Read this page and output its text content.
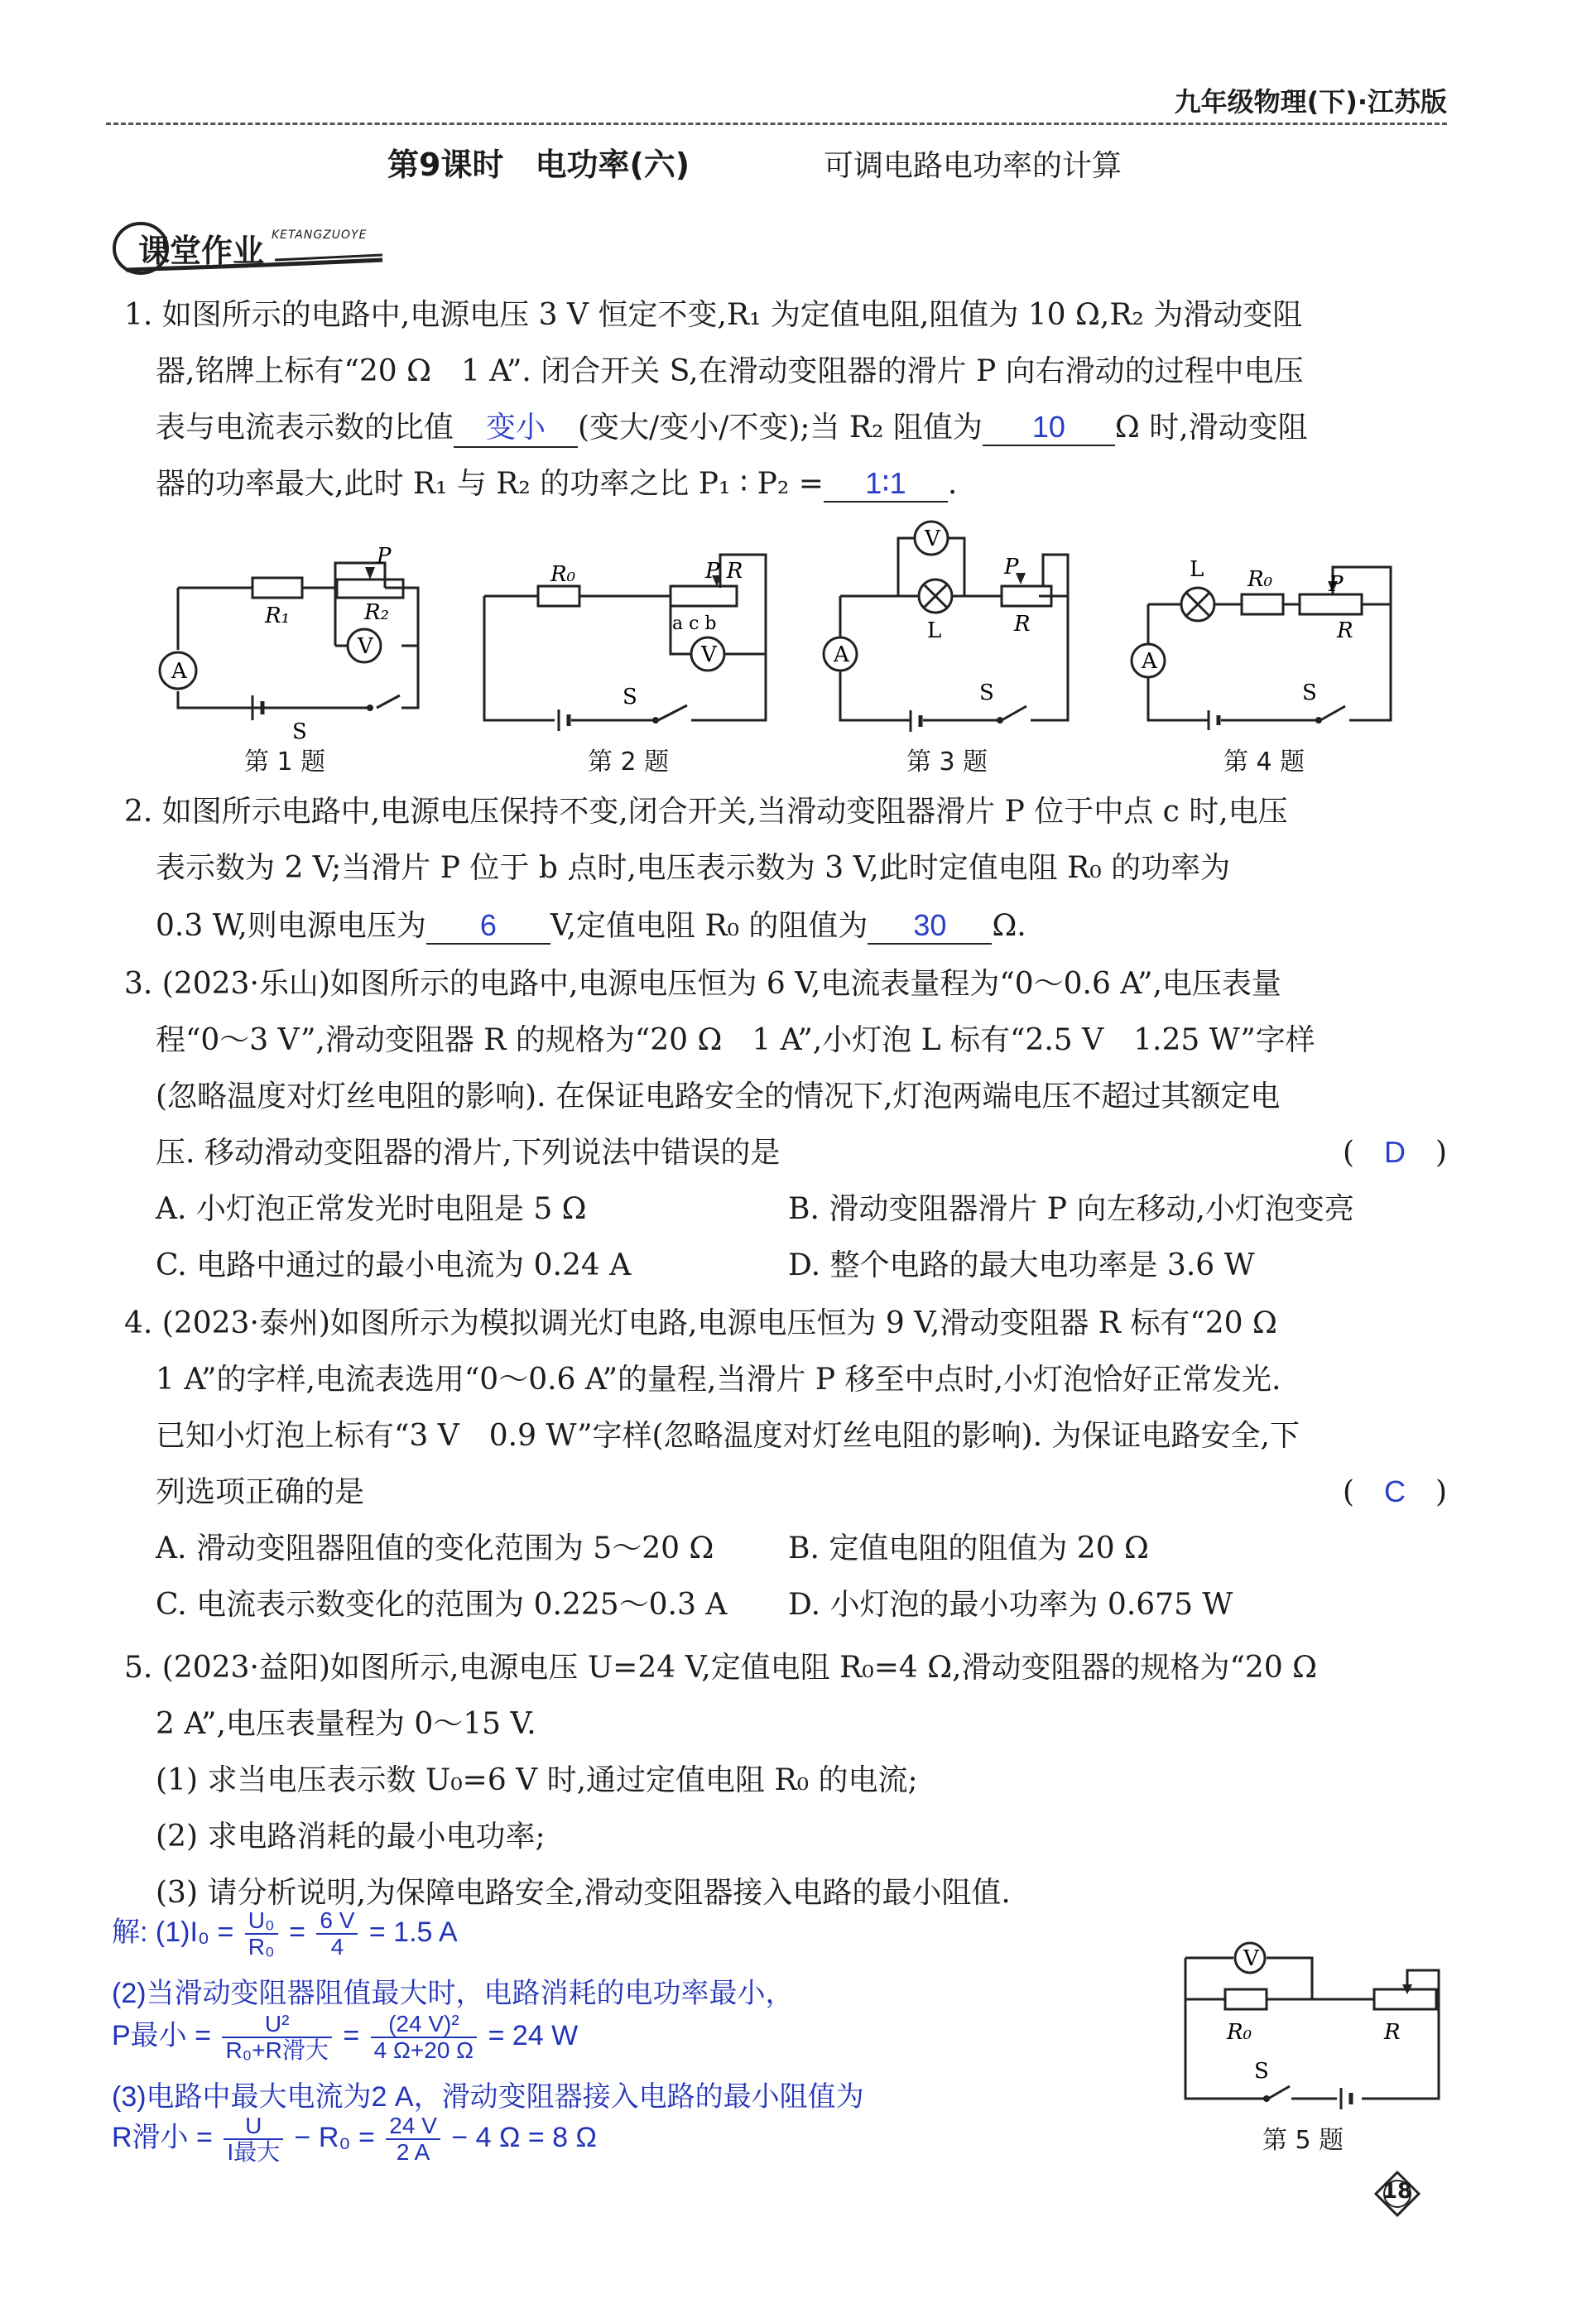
九年级物理(下)·江苏版
第9课时　电功率(六)	可调电路电功率的计算
课堂作业 KETANGZUOYE
1. 如图所示的电路中,电源电压 3 V 恒定不变,R₁ 为定值电阻,阻值为 10 Ω,R₂ 为滑动变阻
器,铭牌上标有“20 Ω　1 A”. 闭合开关 S,在滑动变阻器的滑片 P 向右滑动的过程中电压
表与电流表示数的比值 变小 (变大/变小/不变);当 R₂ 阻值为 10 Ω 时,滑动变阻
器的功率最大,此时 R₁ 与 R₂ 的功率之比 P₁ ∶ P₂ = 1∶1 .
A
V
R₁	R₂
P
S
第 1 题
V
R₀	P R
a c b
S
第 2 题
V
A
L
P
R
S
第 3 题
A
L R₀	P
R
S
第 4 题
2. 如图所示电路中,电源电压保持不变,闭合开关,当滑动变阻器滑片 P 位于中点 c 时,电压
表示数为 2 V;当滑片 P 位于 b 点时,电压表示数为 3 V,此时定值电阻 R₀ 的功率为
0.3 W,则电源电压为 6 V,定值电阻 R₀ 的阻值为 30 Ω.
3. (2023·乐山)如图所示的电路中,电源电压恒为 6 V,电流表量程为“0～0.6 A”,电压表量
程“0～3 V”,滑动变阻器 R 的规格为“20 Ω　1 A”,小灯泡 L 标有“2.5 V　1.25 W”字样
(忽略温度对灯丝电阻的影响). 在保证电路安全的情况下,灯泡两端电压不超过其额定电
压. 移动滑动变阻器的滑片,下列说法中错误的是	(　D　)
A. 小灯泡正常发光时电阻是 5 Ω	B. 滑动变阻器滑片 P 向左移动,小灯泡变亮
C. 电路中通过的最小电流为 0.24 A	D. 整个电路的最大电功率是 3.6 W
4. (2023·泰州)如图所示为模拟调光灯电路,电源电压恒为 9 V,滑动变阻器 R 标有“20 Ω
1 A”的字样,电流表选用“0～0.6 A”的量程,当滑片 P 移至中点时,小灯泡恰好正常发光.
已知小灯泡上标有“3 V　0.9 W”字样(忽略温度对灯丝电阻的影响). 为保证电路安全,下
列选项正确的是	(　C　)
A. 滑动变阻器阻值的变化范围为 5～20 Ω B. 定值电阻的阻值为 20 Ω
C. 电流表示数变化的范围为 0.225～0.3 A D. 小灯泡的最小功率为 0.675 W
5. (2023·益阳)如图所示,电源电压 U=24 V,定值电阻 R₀=4 Ω,滑动变阻器的规格为“20 Ω
2 A”,电压表量程为 0～15 V.
(1) 求当电压表示数 U₀=6 V 时,通过定值电阻 R₀ 的电流;
(2) 求电路消耗的最小电功率;
(3) 请分析说明,为保障电路安全,滑动变阻器接入电路的最小阻值.
解: $(1)I_0 = \frac{\text{U₀}}{\text{R₀}} = \frac{6 V}{4} = 1.5$ A
(2)当滑动变阻器阻值最大时，电路消耗的电功率最小，
P最小 = $\frac{\text{U²}}{\text{R₀+R滑大}} = \frac{\text{(24 V)²}}{4 \Omega+20 \Omega} = 24$ W
(3)电路中最大电流为2 A，滑动变阻器接入电路的最小阻值为
R滑小 = $\frac{U}{\text{I最大}} - R_0 = \frac{24 V}{2 A} - 4$ Ω = 8 Ω
V
R₀	R
S
第 5 题
18
